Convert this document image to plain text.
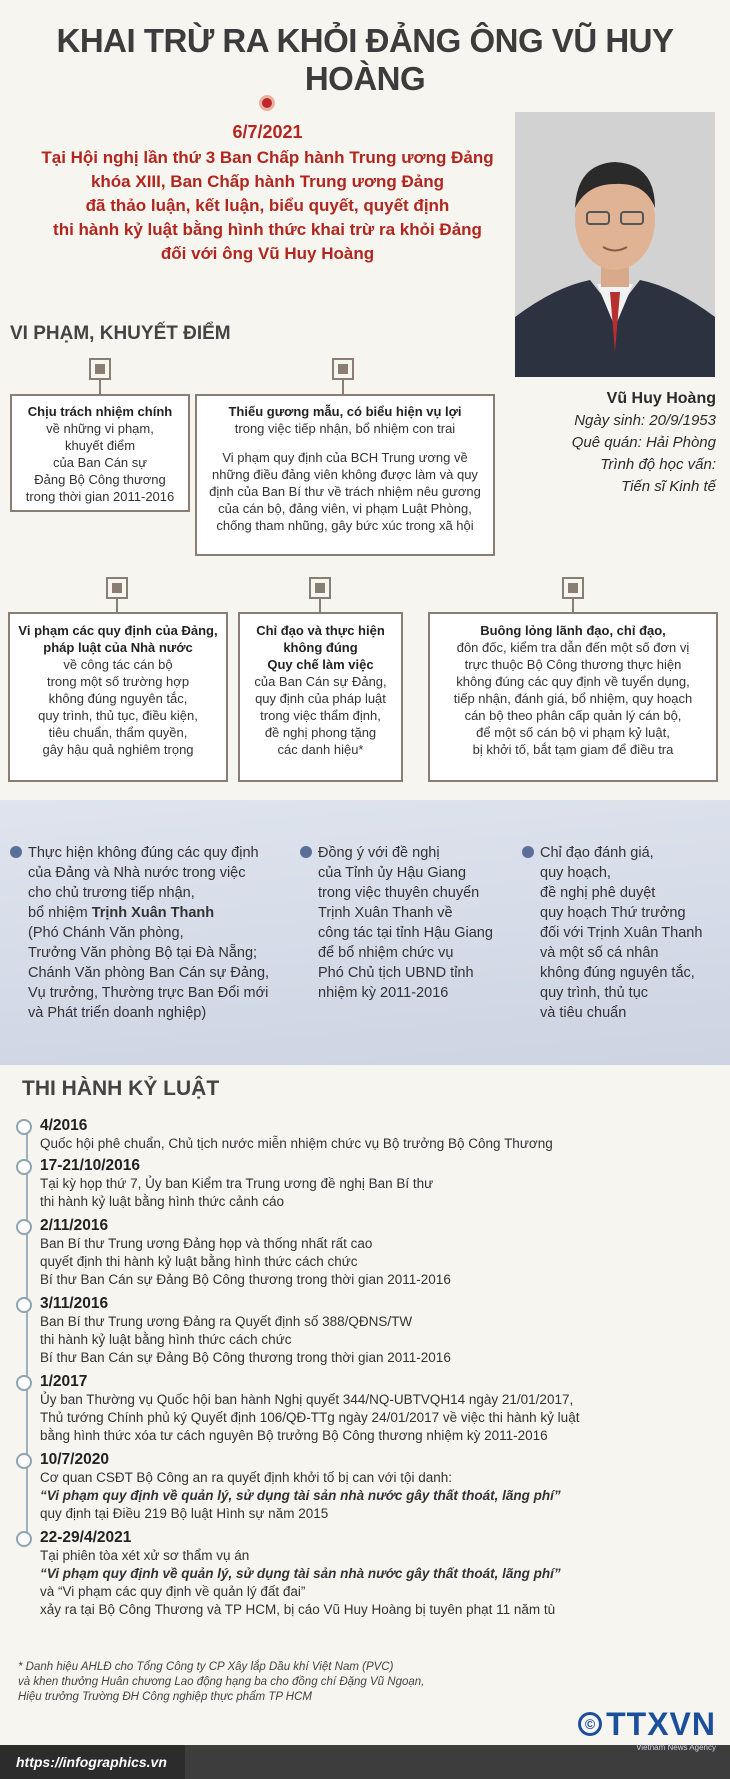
KHAI TRỪ RA KHỎI ĐẢNG ÔNG VŨ HUY HOÀNG
6/7/2021
Tại Hội nghị lần thứ 3 Ban Chấp hành Trung ương Đảng
khóa XIII, Ban Chấp hành Trung ương Đảng
đã thảo luận, kết luận, biểu quyết, quyết định
thi hành kỷ luật bằng hình thức khai trừ ra khỏi Đảng
đối với ông Vũ Huy Hoàng
Vũ Huy Hoàng
Ngày sinh: 20/9/1953
Quê quán: Hải Phòng
Trình độ học vấn:
Tiến sĩ Kinh tế
VI PHẠM, KHUYẾT ĐIỂM
Chịu trách nhiệm chính
về những vi phạm,
khuyết điểm
của Ban Cán sự
Đảng Bộ Công thương
trong thời gian 2011-2016
Thiếu gương mẫu, có biểu hiện vụ lợi
trong việc tiếp nhận, bổ nhiệm con trai
Vi phạm quy định của BCH Trung ương về
những điều đảng viên không được làm và quy
định của Ban Bí thư về trách nhiệm nêu gương
của cán bộ, đảng viên, vi phạm Luật Phòng,
chống tham nhũng, gây bức xúc trong xã hội
Vi phạm các quy định của Đảng,
pháp luật của Nhà nước
về công tác cán bộ
trong một số trường hợp
không đúng nguyên tắc,
quy trình, thủ tục, điều kiện,
tiêu chuẩn, thẩm quyền,
gây hậu quả nghiêm trọng
Chỉ đạo và thực hiện
không đúng
Quy chế làm việc
của Ban Cán sự Đảng,
quy định của pháp luật
trong việc thẩm định,
đề nghị phong tặng
các danh hiệu*
Buông lỏng lãnh đạo, chỉ đạo,
đôn đốc, kiểm tra dẫn đến một số đơn vị
trực thuộc Bộ Công thương thực hiện
không đúng các quy định về tuyển dụng,
tiếp nhận, đánh giá, bổ nhiệm, quy hoạch
cán bộ theo phân cấp quản lý cán bộ,
để một số cán bộ vi phạm kỷ luật,
bị khởi tố, bắt tạm giam để điều tra
Thực hiện không đúng các quy định
của Đảng và Nhà nước trong việc
cho chủ trương tiếp nhận,
bổ nhiệm Trịnh Xuân Thanh
(Phó Chánh Văn phòng,
Trưởng Văn phòng Bộ tại Đà Nẵng;
Chánh Văn phòng Ban Cán sự Đảng,
Vụ trưởng, Thường trực Ban Đổi mới
và Phát triển doanh nghiệp)
Đồng ý với đề nghị
của Tỉnh ủy Hậu Giang
trong việc thuyên chuyển
Trịnh Xuân Thanh về
công tác tại tỉnh Hậu Giang
để bổ nhiệm chức vụ
Phó Chủ tịch UBND tỉnh
nhiệm kỳ 2011-2016
Chỉ đạo đánh giá,
quy hoạch,
đề nghị phê duyệt
quy hoạch Thứ trưởng
đối với Trịnh Xuân Thanh
và một số cá nhân
không đúng nguyên tắc,
quy trình, thủ tục
và tiêu chuẩn
THI HÀNH KỶ LUẬT
4/2016
Quốc hội phê chuẩn, Chủ tịch nước miễn nhiệm chức vụ Bộ trưởng Bộ Công Thương
17-21/10/2016
Tại kỳ họp thứ 7, Ủy ban Kiểm tra Trung ương đề nghị Ban Bí thư
thi hành kỷ luật bằng hình thức cảnh cáo
2/11/2016
Ban Bí thư Trung ương Đảng họp và thống nhất rất cao
quyết định thi hành kỷ luật bằng hình thức cách chức
Bí thư Ban Cán sự Đảng Bộ Công thương trong thời gian 2011-2016
3/11/2016
Ban Bí thư Trung ương Đảng ra Quyết định số 388/QĐNS/TW
thi hành kỷ luật bằng hình thức cách chức
Bí thư Ban Cán sự Đảng Bộ Công thương trong thời gian 2011-2016
1/2017
Ủy ban Thường vụ Quốc hội ban hành Nghị quyết 344/NQ-UBTVQH14 ngày 21/01/2017,
Thủ tướng Chính phủ ký Quyết định 106/QĐ-TTg ngày 24/01/2017 về việc thi hành kỷ luật
bằng hình thức xóa tư cách nguyên Bộ trưởng Bộ Công thương nhiệm kỳ 2011-2016
10/7/2020
Cơ quan CSĐT Bộ Công an ra quyết định khởi tố bị can với tội danh:
“Vi phạm quy định về quản lý, sử dụng tài sản nhà nước gây thất thoát, lãng phí”
quy định tại Điều 219 Bộ luật Hình sự năm 2015
22-29/4/2021
Tại phiên tòa xét xử sơ thẩm vụ án
“Vi phạm quy định về quản lý, sử dụng tài sản nhà nước gây thất thoát, lãng phí”
và “Vi phạm các quy định về quản lý đất đai”
xảy ra tại Bộ Công Thương và TP HCM, bị cáo Vũ Huy Hoàng bị tuyên phạt 11 năm tù
* Danh hiệu AHLĐ cho Tổng Công ty CP Xây lắp Dầu khí Việt Nam (PVC)
và khen thưởng Huân chương Lao động hạng ba cho đồng chí Đặng Vũ Ngoạn,
Hiệu trưởng Trường ĐH Công nghiệp thực phẩm TP HCM
© TTXVN
https://infographics.vn
Vietnam News Agency
